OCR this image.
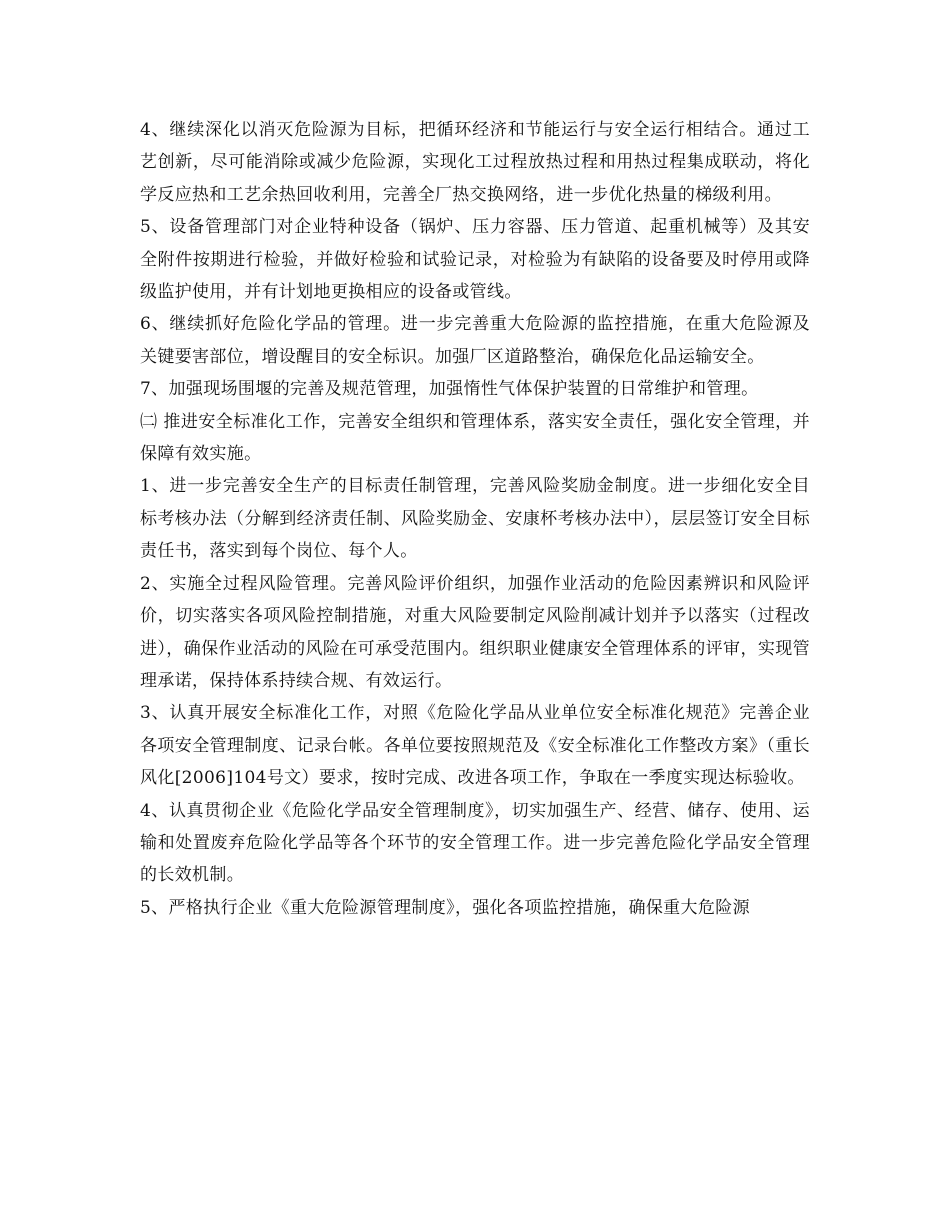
4、继续深化以消灭危险源为目标，把循环经济和节能运行与安全运行相结合。通过工艺创新，尽可能消除或减少危险源，实现化工过程放热过程和用热过程集成联动，将化学反应热和工艺余热回收利用，完善全厂热交换网络，进一步优化热量的梯级利用。

5、设备管理部门对企业特种设备（锅炉、压力容器、压力管道、起重机械等）及其安全附件按期进行检验，并做好检验和试验记录，对检验为有缺陷的设备要及时停用或降级监护使用，并有计划地更换相应的设备或管线。

6、继续抓好危险化学品的管理。进一步完善重大危险源的监控措施，在重大危险源及关键要害部位，增设醒目的安全标识。加强厂区道路整治，确保危化品运输安全。

7、加强现场围堰的完善及规范管理，加强惰性气体保护装置的日常维护和管理。

㈡ 推进安全标准化工作，完善安全组织和管理体系，落实安全责任，强化安全管理，并保障有效实施。

1、进一步完善安全生产的目标责任制管理，完善风险奖励金制度。进一步细化安全目标考核办法（分解到经济责任制、风险奖励金、安康杯考核办法中），层层签订安全目标责任书，落实到每个岗位、每个人。

2、实施全过程风险管理。完善风险评价组织，加强作业活动的危险因素辨识和风险评价，切实落实各项风险控制措施，对重大风险要制定风险削减计划并予以落实（过程改进），确保作业活动的风险在可承受范围内。组织职业健康安全管理体系的评审，实现管理承诺，保持体系持续合规、有效运行。

3、认真开展安全标准化工作，对照《危险化学品从业单位安全标准化规范》完善企业各项安全管理制度、记录台帐。各单位要按照规范及《安全标准化工作整改方案》（重长风化[2006]104号文）要求，按时完成、改进各项工作，争取在一季度实现达标验收。

4、认真贯彻企业《危险化学品安全管理制度》，切实加强生产、经营、储存、使用、运输和处置废弃危险化学品等各个环节的安全管理工作。进一步完善危险化学品安全管理的长效机制。

5、严格执行企业《重大危险源管理制度》，强化各项监控措施，确保重大危险源
